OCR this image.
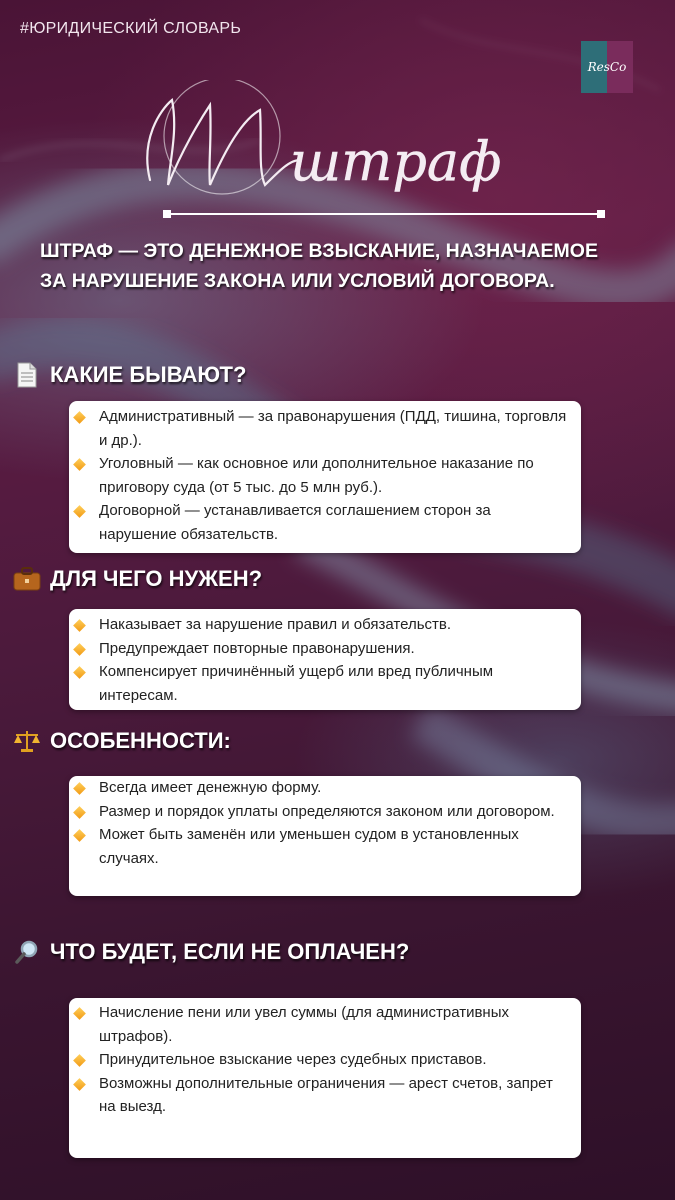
#ЮРИДИЧЕСКИЙ СЛОВАРЬ
ResCo
штраф
ШТРАФ — ЭТО ДЕНЕЖНОЕ ВЗЫСКАНИЕ, НАЗНАЧАЕМОЕ ЗА НАРУШЕНИЕ ЗАКОНА ИЛИ УСЛОВИЙ ДОГОВОРА.
КАКИЕ БЫВАЮТ?
Административный — за правонарушения (ПДД, тишина, торговля и др.).
Уголовный — как основное или дополнительное наказание по приговору суда (от 5 тыс. до 5 млн руб.).
Договорной — устанавливается соглашением сторон за нарушение обязательств.
ДЛЯ ЧЕГО НУЖЕН?
Наказывает за нарушение правил и обязательств.
Предупреждает повторные правонарушения.
Компенсирует причинённый ущерб или вред публичным интересам.
ОСОБЕННОСТИ:
Всегда имеет денежную форму.
Размер и порядок уплаты определяются законом или договором.
Может быть заменён или уменьшен судом в установленных случаях.
ЧТО БУДЕТ, ЕСЛИ НЕ ОПЛАЧЕН?
Начисление пени или увел суммы (для административных штрафов).
Принудительное взыскание через судебных приставов.
Возможны дополнительные ограничения — арест счетов, запрет на выезд.
